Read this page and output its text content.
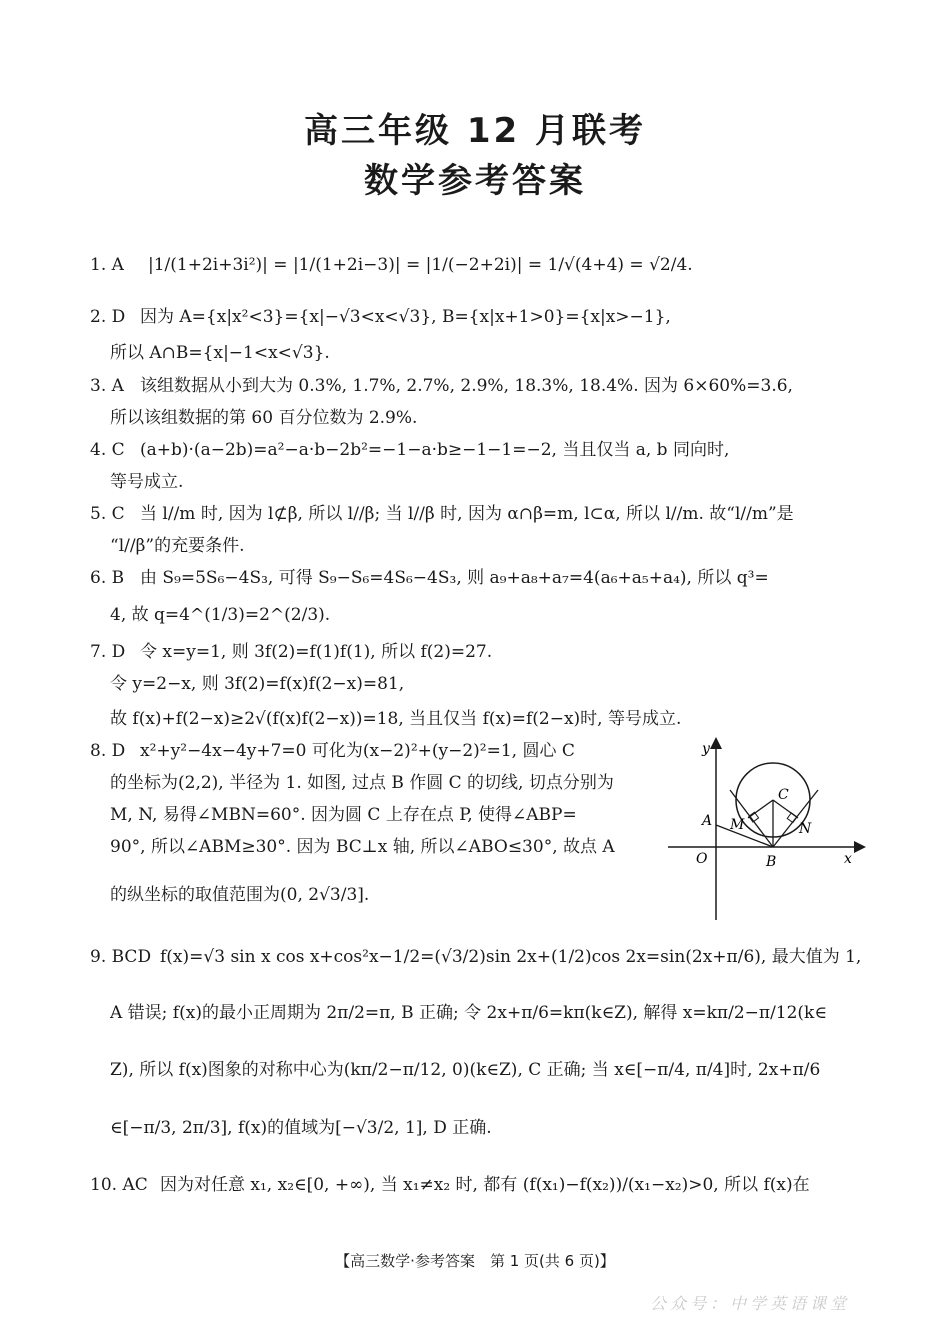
高三年级 12 月联考
数学参考答案
1. A |1/(1+2i+3i²)| = |1/(1+2i−3)| = |1/(−2+2i)| = 1/√(4+4) = √2/4.
2. D 因为 A={x|x²<3}={x|−√3<x<√3}, B={x|x+1>0}={x|x>−1},
所以 A∩B={x|−1<x<√3}.
3. A 该组数据从小到大为 0.3%, 1.7%, 2.7%, 2.9%, 18.3%, 18.4%. 因为 6×60%=3.6,
所以该组数据的第 60 百分位数为 2.9%.
4. C (a+b)·(a−2b)=a²−a·b−2b²=−1−a·b≥−1−1=−2, 当且仅当 a, b 同向时,
等号成立.
5. C 当 l//m 时, 因为 l⊄β, 所以 l//β; 当 l//β 时, 因为 α∩β=m, l⊂α, 所以 l//m. 故“l//m”是
“l//β”的充要条件.
6. B 由 S₉=5S₆−4S₃, 可得 S₉−S₆=4S₆−4S₃, 则 a₉+a₈+a₇=4(a₆+a₅+a₄), 所以 q³=
4, 故 q=4^(1/3)=2^(2/3).
7. D 令 x=y=1, 则 3f(2)=f(1)f(1), 所以 f(2)=27.
令 y=2−x, 则 3f(2)=f(x)f(2−x)=81,
故 f(x)+f(2−x)≥2√(f(x)f(2−x))=18, 当且仅当 f(x)=f(2−x)时, 等号成立.
8. D x²+y²−4x−4y+7=0 可化为(x−2)²+(y−2)²=1, 圆心 C
的坐标为(2,2), 半径为 1. 如图, 过点 B 作圆 C 的切线, 切点分别为
M, N, 易得∠MBN=60°. 因为圆 C 上存在点 P, 使得∠ABP=
90°, 所以∠ABM≥30°. 因为 BC⊥x 轴, 所以∠ABO≤30°, 故点 A
的纵坐标的取值范围为(0, 2√3/3].
y
x
O
A
B
C
M	N
9. BCD f(x)=√3 sin x cos x+cos²x−1/2=(√3/2)sin 2x+(1/2)cos 2x=sin(2x+π/6), 最大值为 1,
A 错误; f(x)的最小正周期为 2π/2=π, B 正确; 令 2x+π/6=kπ(k∈Z), 解得 x=kπ/2−π/12(k∈
Z), 所以 f(x)图象的对称中心为(kπ/2−π/12, 0)(k∈Z), C 正确; 当 x∈[−π/4, π/4]时, 2x+π/6
∈[−π/3, 2π/3], f(x)的值域为[−√3/2, 1], D 正确.
10. AC 因为对任意 x₁, x₂∈[0, +∞), 当 x₁≠x₂ 时, 都有 (f(x₁)−f(x₂))/(x₁−x₂)>0, 所以 f(x)在
【高三数学·参考答案　第 1 页(共 6 页)】
公众号：中学英语课堂
